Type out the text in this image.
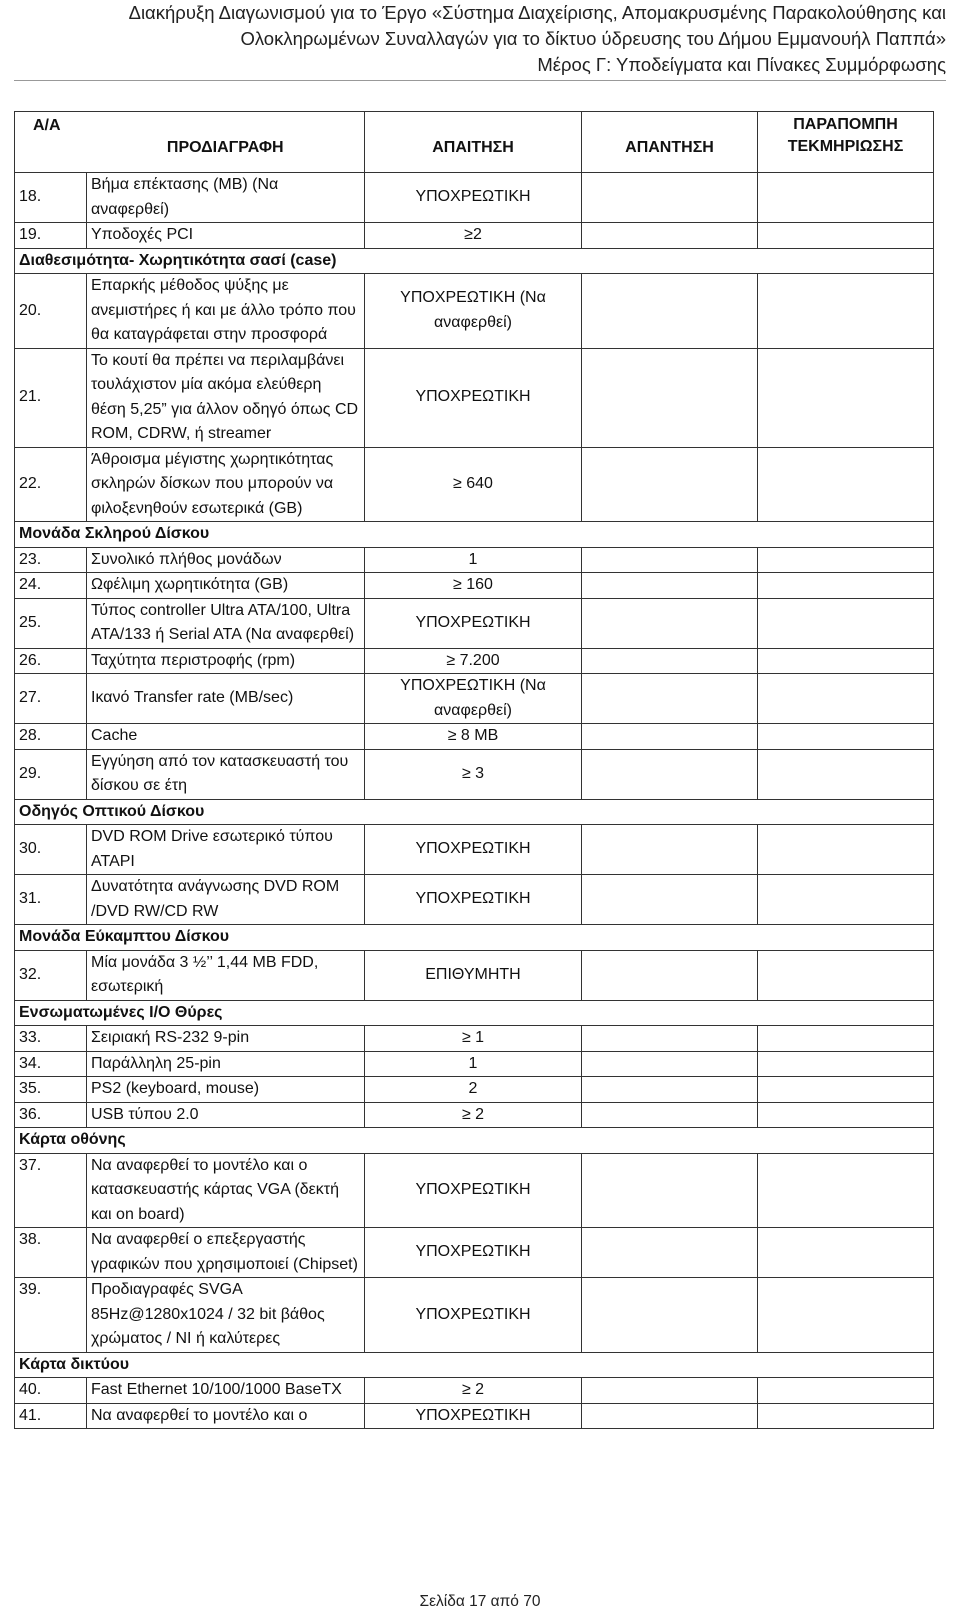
Διακήρυξη Διαγωνισμού για το Έργο «Σύστημα Διαχείρισης, Απομακρυσμένης Παρακολούθησης και
Ολοκληρωμένων Συναλλαγών για το δίκτυο ύδρευσης του Δήμου Εμμανουήλ Παππά»
Μέρος Γ: Υποδείγματα και Πίνακες Συμμόρφωσης
Α/Α	ΠΡΟΔΙΑΓΡΑΦΗ	ΑΠΑΙΤΗΣΗ	ΑΠΑΝΤΗΣΗ	ΠΑΡΑΠΟΜΠΗ ΤΕΚΜΗΡΙΩΣΗΣ
18.	Βήμα επέκτασης (MB) (Να αναφερθεί)	ΥΠΟΧΡΕΩΤΙΚΗ		
19.	Υποδοχές PCI	≥2		
Διαθεσιμότητα- Χωρητικότητα σασί (case)				
20.	Επαρκής μέθοδος ψύξης με ανεμιστήρες ή και με άλλο τρόπο που θα καταγράφεται στην προσφορά	ΥΠΟΧΡΕΩΤΙΚΗ (Να αναφερθεί)		
21.	Το κουτί θα πρέπει να περιλαμβάνει τουλάχιστον μία ακόμα ελεύθερη θέση 5,25” για άλλον οδηγό όπως CD ROM, CDRW, ή streamer	ΥΠΟΧΡΕΩΤΙΚΗ		
22.	Άθροισμα μέγιστης χωρητικότητας σκληρών δίσκων που μπορούν να φιλοξενηθούν εσωτερικά (GB)	≥ 640		
Μονάδα Σκληρού Δίσκου				
23.	Συνολικό πλήθος μονάδων	1		
24.	Ωφέλιμη χωρητικότητα (GB)	≥ 160		
25.	Τύπος controller Ultra ATA/100, Ultra ATA/133 ή Serial ATA (Να αναφερθεί)	ΥΠΟΧΡΕΩΤΙΚΗ		
26.	Ταχύτητα περιστροφής (rpm)	≥ 7.200		
27.	Ικανό Transfer rate (MB/sec)	ΥΠΟΧΡΕΩΤΙΚΗ (Να αναφερθεί)		
28.	Cache	≥ 8 MB		
29.	Εγγύηση από τον κατασκευαστή του δίσκου σε έτη	≥ 3		
Οδηγός Οπτικού Δίσκου				
30.	DVD ROM Drive εσωτερικό τύπου ATAPI	ΥΠΟΧΡΕΩΤΙΚΗ		
31.	Δυνατότητα ανάγνωσης DVD ROM /DVD RW/CD RW	ΥΠΟΧΡΕΩΤΙΚΗ		
Μονάδα Εύκαμπτου Δίσκου				
32.	Μία μονάδα 3 ½’’ 1,44 MB FDD, εσωτερική	ΕΠΙΘΥΜΗΤΗ		
Ενσωματωμένες I/O Θύρες				
33.	Σειριακή RS-232 9-pin	≥ 1		
34.	Παράλληλη 25-pin	1		
35.	PS2 (keyboard, mouse)	2		
36.	USB τύπου 2.0	≥ 2		
Κάρτα οθόνης				
37.	Να αναφερθεί το μοντέλο και ο κατασκευαστής κάρτας VGA (δεκτή και on board)	ΥΠΟΧΡΕΩΤΙΚΗ		
38.	Να αναφερθεί ο επεξεργαστής γραφικών που χρησιμοποιεί (Chipset)	ΥΠΟΧΡΕΩΤΙΚΗ		
39.	Προδιαγραφές SVGA 85Hz@1280x1024 / 32 bit βάθος χρώματος / NI ή καλύτερες	ΥΠΟΧΡΕΩΤΙΚΗ		
Κάρτα δικτύου				
40.	Fast Ethernet 10/100/1000 BaseTX	≥ 2		
41.	Να αναφερθεί το μοντέλο και ο	ΥΠΟΧΡΕΩΤΙΚΗ		
Σελίδα 17 από 70
